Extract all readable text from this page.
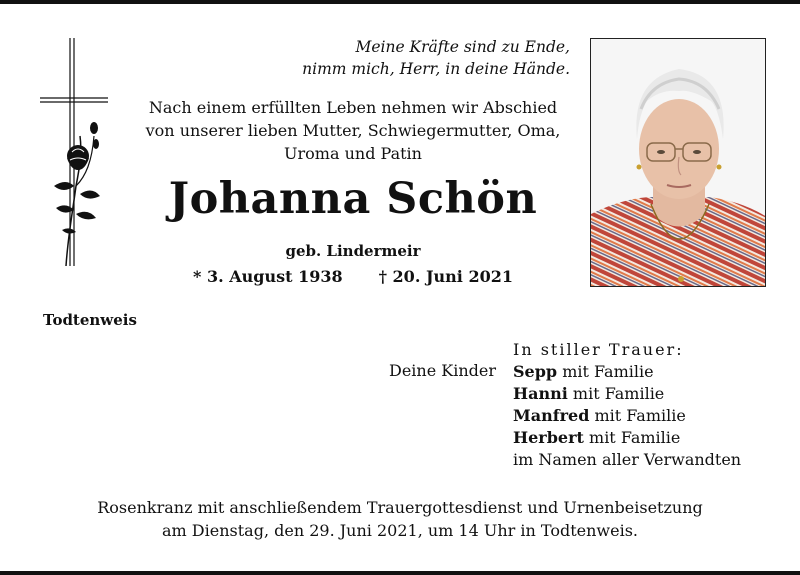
Meine Kräfte sind zu Ende,
nimm mich, Herr, in deine Hände.
Nach einem erfüllten Leben nehmen wir Abschied
von unserer lieben Mutter, Schwiegermutter, Oma,
Uroma und Patin
Johanna Schön
geb. Lindermeir
* 3. August 1938 † 20. Juni 2021
Todtenweis
In stiller Trauer:
Deine Kinder Sepp mit Familie
Hanni mit Familie
Manfred mit Familie
Herbert mit Familie
im Namen aller Verwandten
Rosenkranz mit anschließendem Trauergottesdienst und Urnenbeisetzung
am Dienstag, den 29. Juni 2021, um 14 Uhr in Todtenweis.
